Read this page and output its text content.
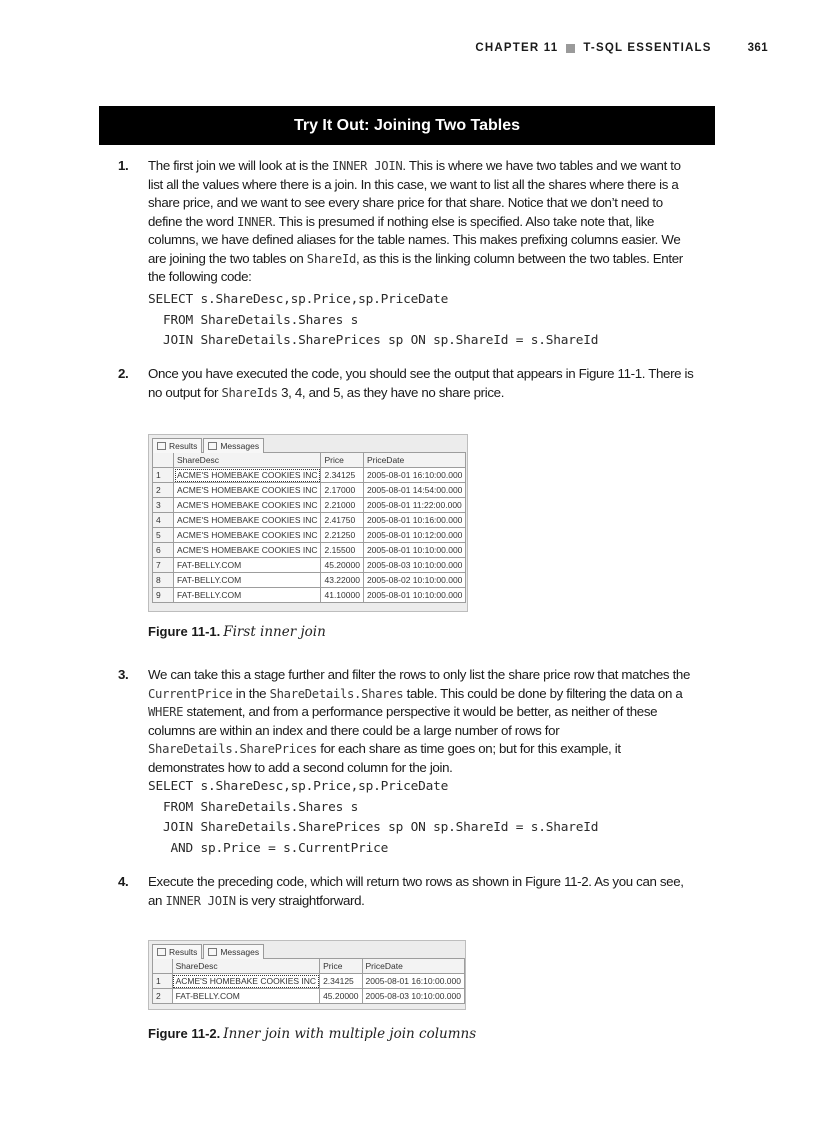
CHAPTER 11 T-SQL ESSENTIALS	361
Try It Out: Joining Two Tables
1. The first join we will look at is the INNER JOIN. This is where we have two tables and we want to list all the values where there is a join. In this case, we want to list all the shares where there is a share price, and we want to see every share price for that share. Notice that we don’t need to define the word INNER. This is presumed if nothing else is specified. Also take note that, like columns, we have defined aliases for the table names. This makes prefixing columns easier. We are joining the two tables on ShareId, as this is the linking column between the two tables. Enter the following code:
SELECT s.ShareDesc,sp.Price,sp.PriceDate
FROM ShareDetails.Shares s
JOIN ShareDetails.SharePrices sp ON sp.ShareId = s.ShareId
2. Once you have executed the code, you should see the output that appears in Figure 11-1. There is no output for ShareIds 3, 4, and 5, as they have no share price.
Results	Messages
	ShareDesc	Price	PriceDate
1	ACME'S HOMEBAKE COOKIES INC	2.34125	2005-08-01 16:10:00.000
2	ACME'S HOMEBAKE COOKIES INC	2.17000	2005-08-01 14:54:00.000
3	ACME'S HOMEBAKE COOKIES INC	2.21000	2005-08-01 11:22:00.000
4	ACME'S HOMEBAKE COOKIES INC	2.41750	2005-08-01 10:16:00.000
5	ACME'S HOMEBAKE COOKIES INC	2.21250	2005-08-01 10:12:00.000
6	ACME'S HOMEBAKE COOKIES INC	2.15500	2005-08-01 10:10:00.000
7	FAT-BELLY.COM	45.20000	2005-08-03 10:10:00.000
8	FAT-BELLY.COM	43.22000	2005-08-02 10:10:00.000
9	FAT-BELLY.COM	41.10000	2005-08-01 10:10:00.000
Figure 11-1. First inner join
3. We can take this a stage further and filter the rows to only list the share price row that matches the CurrentPrice in the ShareDetails.Shares table. This could be done by filtering the data on a WHERE statement, and from a performance perspective it would be better, as neither of these columns are within an index and there could be a large number of rows for ShareDetails.SharePrices for each share as time goes on; but for this example, it demonstrates how to add a second column for the join.
SELECT s.ShareDesc,sp.Price,sp.PriceDate
FROM ShareDetails.Shares s
JOIN ShareDetails.SharePrices sp ON sp.ShareId = s.ShareId
AND sp.Price = s.CurrentPrice
4. Execute the preceding code, which will return two rows as shown in Figure 11-2. As you can see, an INNER JOIN is very straightforward.
Results	Messages
	ShareDesc	Price	PriceDate
1	ACME'S HOMEBAKE COOKIES INC	2.34125	2005-08-01 16:10:00.000
2	FAT-BELLY.COM	45.20000	2005-08-03 10:10:00.000
Figure 11-2. Inner join with multiple join columns
